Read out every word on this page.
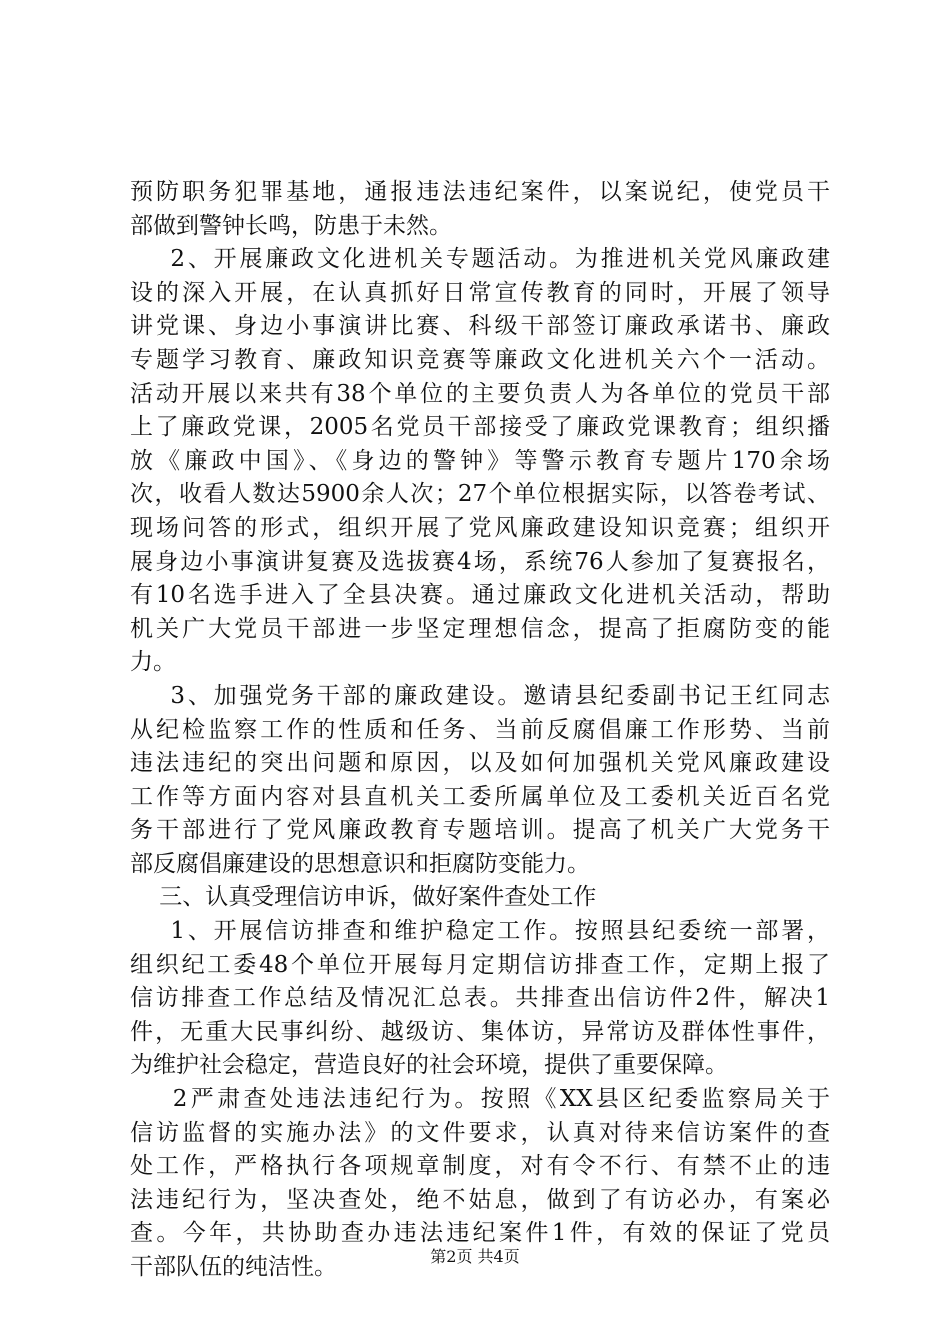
预防职务犯罪基地，通报违法违纪案件，以案说纪，使党员干
部做到警钟长鸣，防患于未然。
2、开展廉政文化进机关专题活动。为推进机关党风廉政建
设的深入开展，在认真抓好日常宣传教育的同时，开展了领导
讲党课、身边小事演讲比赛、科级干部签订廉政承诺书、廉政
专题学习教育、廉政知识竞赛等廉政文化进机关六个一活动。
活动开展以来共有38个单位的主要负责人为各单位的党员干部
上了廉政党课，2005名党员干部接受了廉政党课教育；组织播
放《廉政中国》、《身边的警钟》等警示教育专题片170余场
次，收看人数达5900余人次；27个单位根据实际，以答卷考试、
现场问答的形式，组织开展了党风廉政建设知识竞赛；组织开
展身边小事演讲复赛及选拔赛4场，系统76人参加了复赛报名，
有10名选手进入了全县决赛。通过廉政文化进机关活动，帮助
机关广大党员干部进一步坚定理想信念，提高了拒腐防变的能
力。
3、加强党务干部的廉政建设。邀请县纪委副书记王红同志
从纪检监察工作的性质和任务、当前反腐倡廉工作形势、当前
违法违纪的突出问题和原因，以及如何加强机关党风廉政建设
工作等方面内容对县直机关工委所属单位及工委机关近百名党
务干部进行了党风廉政教育专题培训。提高了机关广大党务干
部反腐倡廉建设的思想意识和拒腐防变能力。
三、认真受理信访申诉，做好案件查处工作
1、开展信访排查和维护稳定工作。按照县纪委统一部署，
组织纪工委48个单位开展每月定期信访排查工作，定期上报了
信访排查工作总结及情况汇总表。共排查出信访件2件，解决1
件，无重大民事纠纷、越级访、集体访，异常访及群体性事件，
为维护社会稳定，营造良好的社会环境，提供了重要保障。
2严肃查处违法违纪行为。按照《XX县区纪委监察局关于
信访监督的实施办法》的文件要求，认真对待来信访案件的查
处工作，严格执行各项规章制度，对有令不行、有禁不止的违
法违纪行为，坚决查处，绝不姑息，做到了有访必办，有案必
查。今年，共协助查办违法违纪案件1件，有效的保证了党员
干部队伍的纯洁性。	第2页 共4页
